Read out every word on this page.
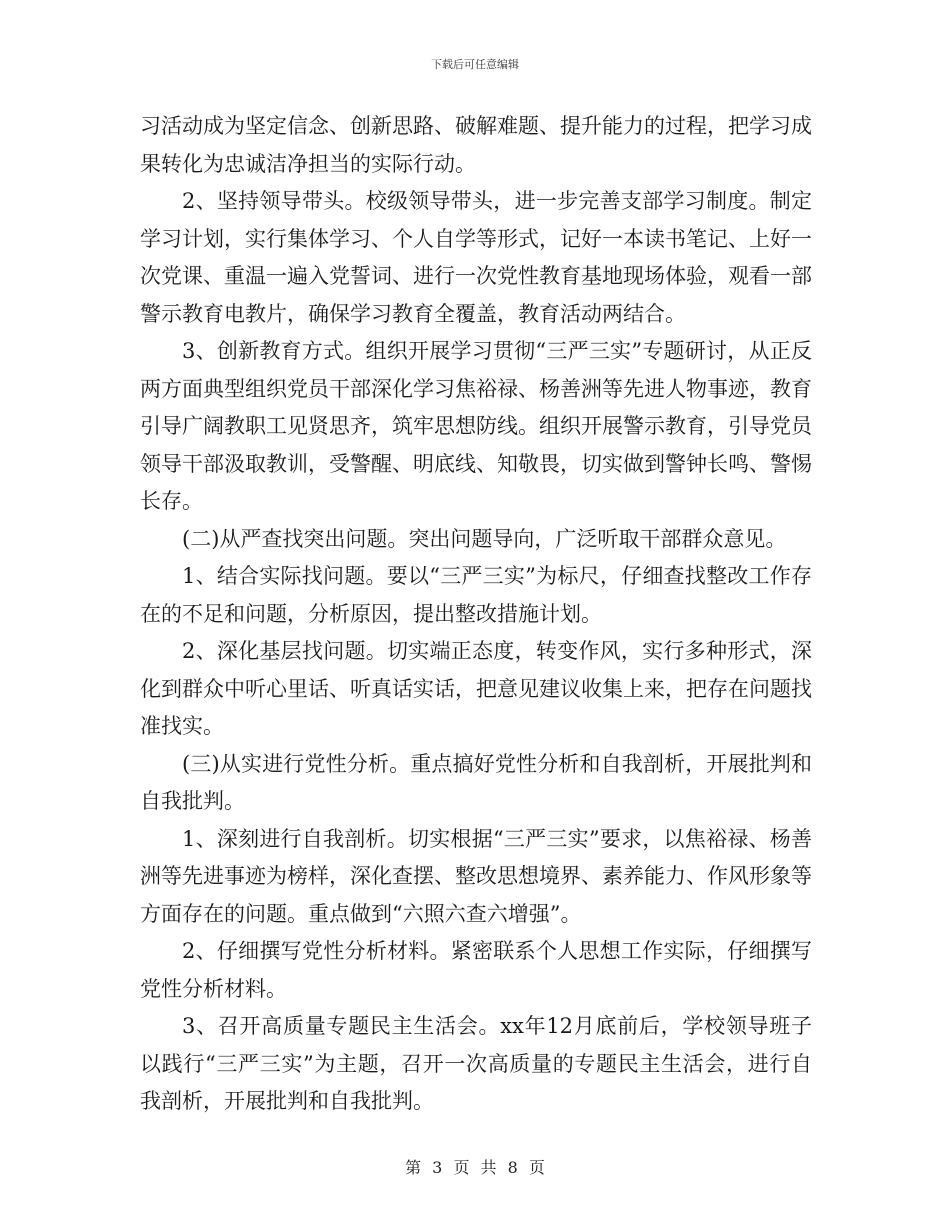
下载后可任意编辑

习活动成为坚定信念、创新思路、破解难题、提升能力的过程，把学习成果转化为忠诚洁净担当的实际行动。

2、坚持领导带头。校级领导带头，进一步完善支部学习制度。制定学习计划，实行集体学习、个人自学等形式，记好一本读书笔记、上好一次党课、重温一遍入党誓词、进行一次党性教育基地现场体验，观看一部警示教育电教片，确保学习教育全覆盖，教育活动两结合。

3、创新教育方式。组织开展学习贯彻“三严三实”专题研讨，从正反两方面典型组织党员干部深化学习焦裕禄、杨善洲等先进人物事迹，教育引导广阔教职工见贤思齐，筑牢思想防线。组织开展警示教育，引导党员领导干部汲取教训，受警醒、明底线、知敬畏，切实做到警钟长鸣、警惕长存。

(二)从严查找突出问题。突出问题导向，广泛听取干部群众意见。

1、结合实际找问题。要以“三严三实”为标尺，仔细查找整改工作存在的不足和问题，分析原因，提出整改措施计划。

2、深化基层找问题。切实端正态度，转变作风，实行多种形式，深化到群众中听心里话、听真话实话，把意见建议收集上来，把存在问题找准找实。

(三)从实进行党性分析。重点搞好党性分析和自我剖析，开展批判和自我批判。

1、深刻进行自我剖析。切实根据“三严三实”要求，以焦裕禄、杨善洲等先进事迹为榜样，深化查摆、整改思想境界、素养能力、作风形象等方面存在的问题。重点做到“六照六查六增强”。

2、仔细撰写党性分析材料。紧密联系个人思想工作实际，仔细撰写党性分析材料。

3、召开高质量专题民主生活会。xx年12月底前后，学校领导班子以践行“三严三实”为主题，召开一次高质量的专题民主生活会，进行自我剖析，开展批判和自我批判。

第 3 页 共 8 页
